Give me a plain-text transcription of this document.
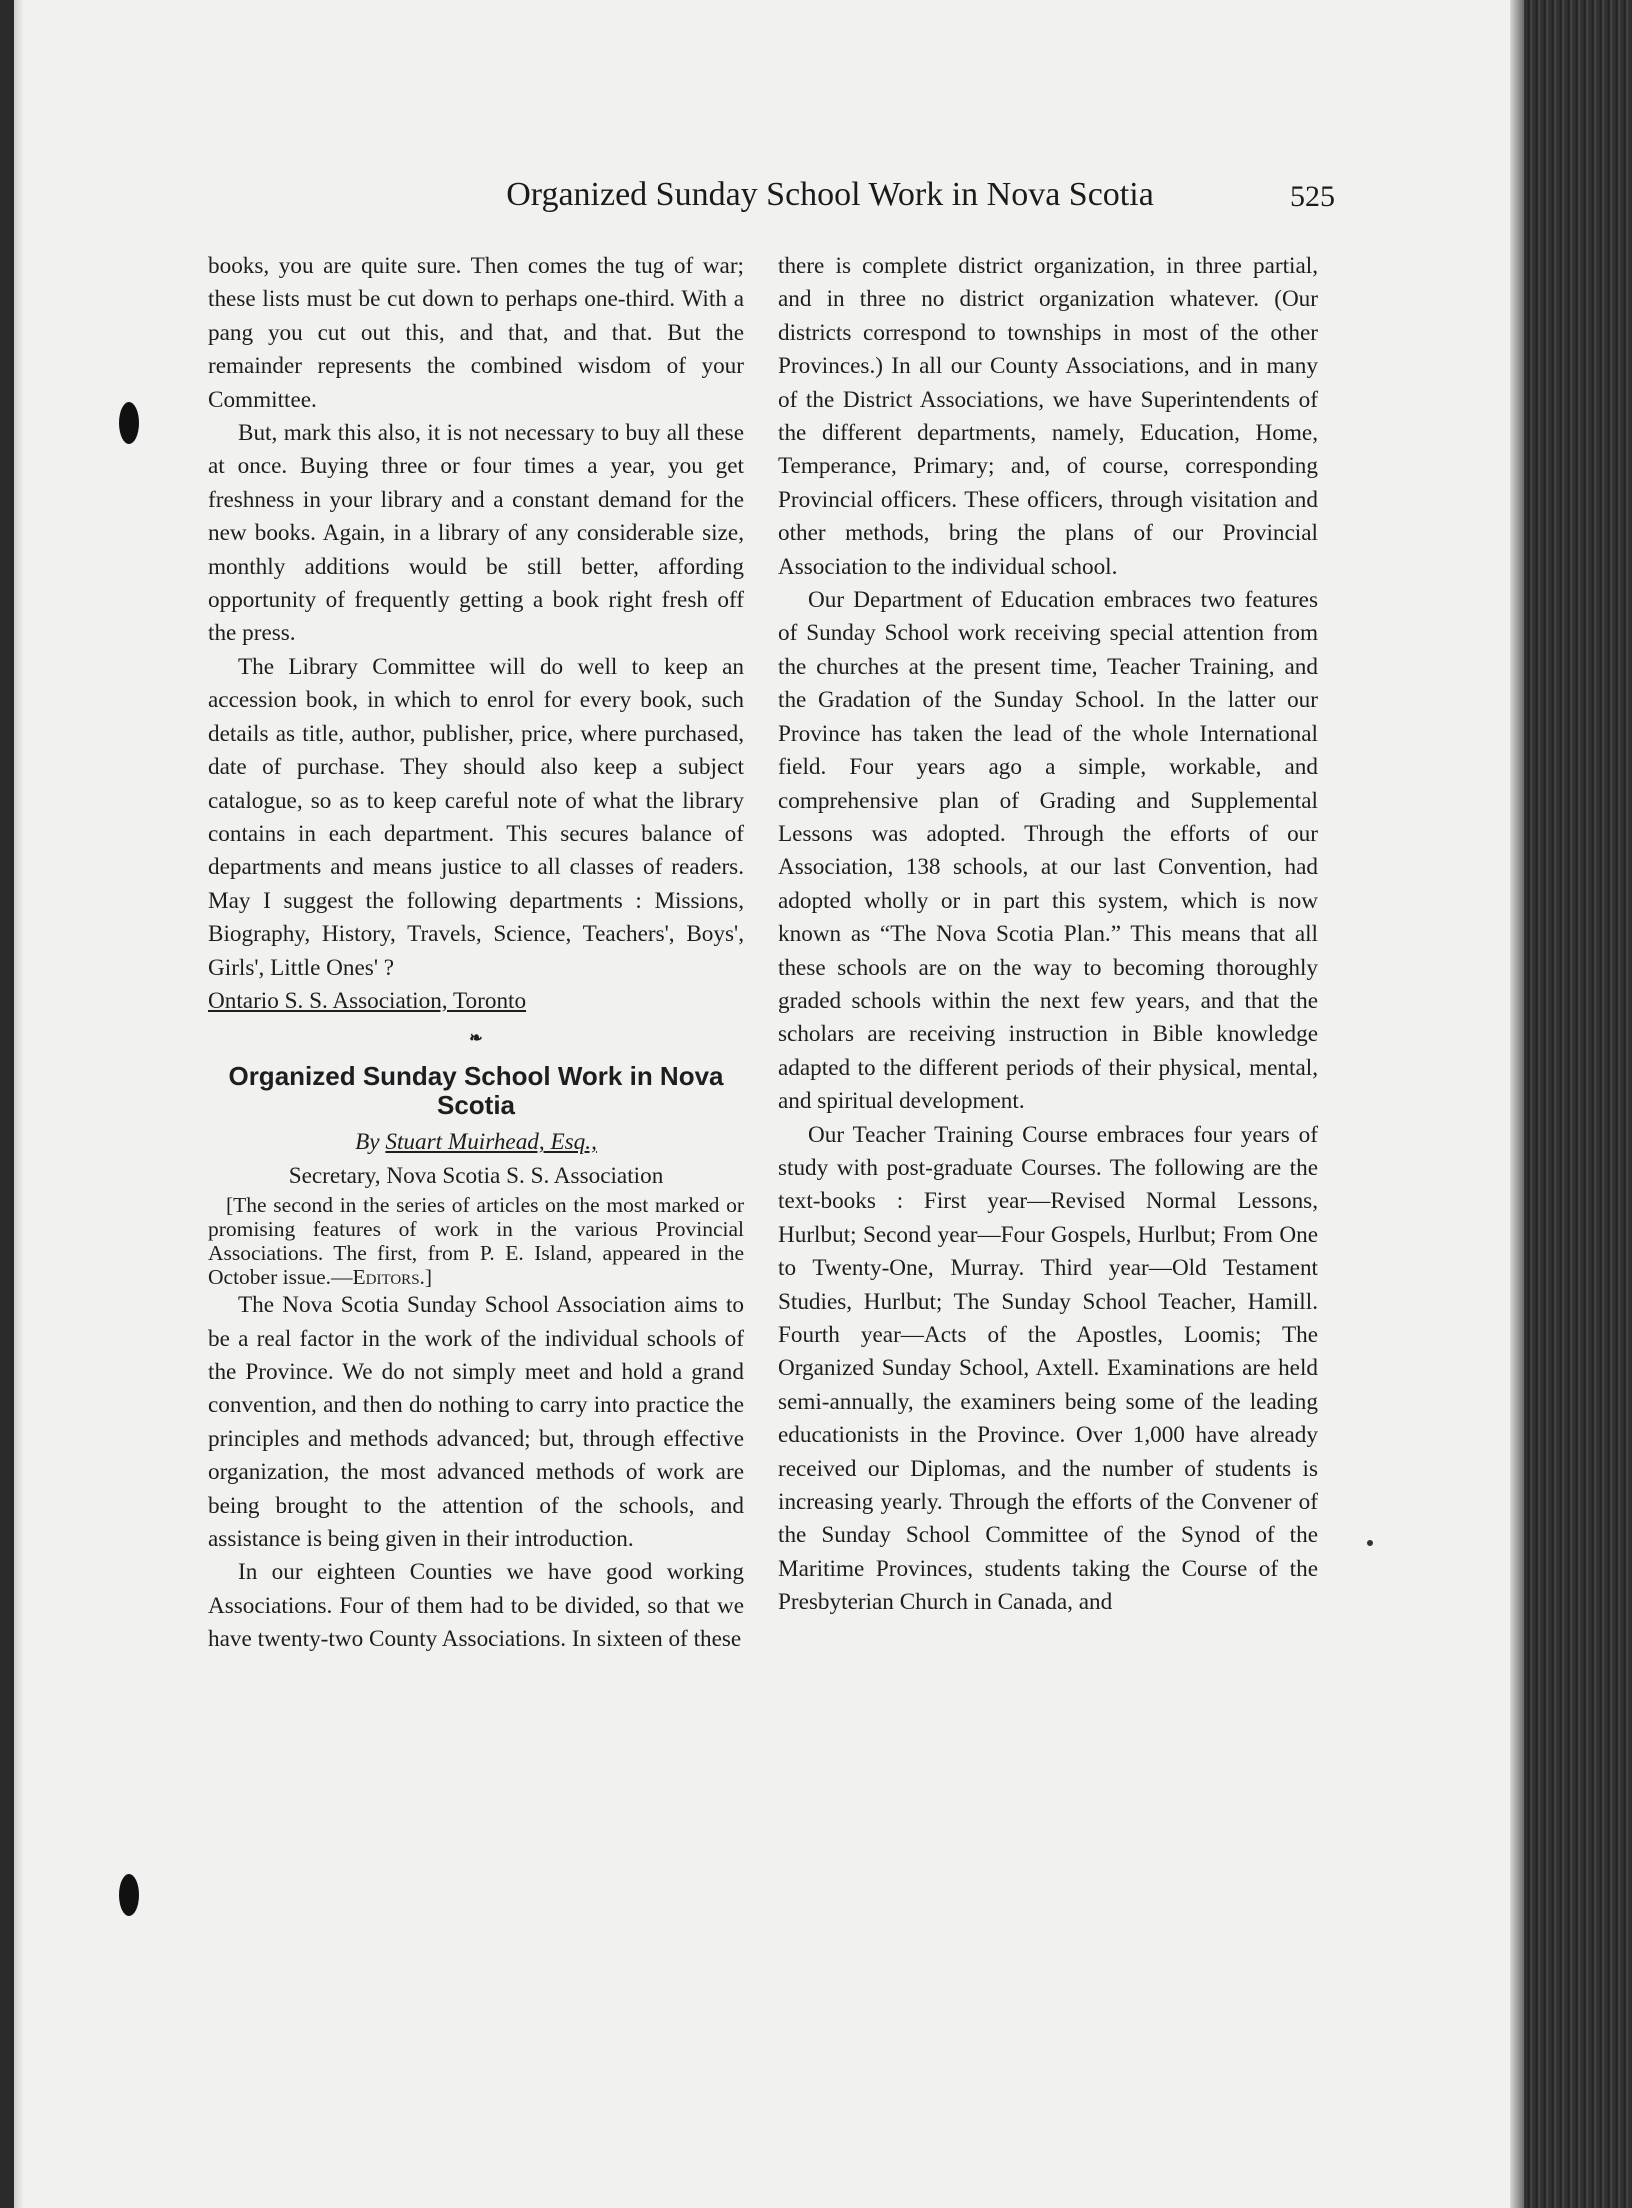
Organized Sunday School Work in Nova Scotia	525

books, you are quite sure. Then comes the tug of war; these lists must be cut down to perhaps one-third. With a pang you cut out this, and that, and that. But the remainder represents the combined wisdom of your Committee.

But, mark this also, it is not necessary to buy all these at once. Buying three or four times a year, you get freshness in your library and a constant demand for the new books. Again, in a library of any considerable size, monthly additions would be still better, affording opportunity of frequently getting a book right fresh off the press.

The Library Committee will do well to keep an accession book, in which to enrol for every book, such details as title, author, publisher, price, where purchased, date of purchase. They should also keep a subject catalogue, so as to keep careful note of what the library contains in each department. This secures balance of departments and means justice to all classes of readers. May I suggest the following departments : Missions, Biography, History, Travels, Science, Teachers', Boys', Girls', Little Ones' ?

Ontario S. S. Association, Toronto

❧
Organized Sunday School Work in Nova Scotia

By Stuart Muirhead, Esq.,

Secretary, Nova Scotia S. S. Association

[The second in the series of articles on the most marked or promising features of work in the various Provincial Associations. The first, from P. E. Island, appeared in the October issue.—Editors.]

The Nova Scotia Sunday School Association aims to be a real factor in the work of the individual schools of the Province. We do not simply meet and hold a grand convention, and then do nothing to carry into practice the principles and methods advanced; but, through effective organization, the most advanced methods of work are being brought to the attention of the schools, and assistance is being given in their introduction.

In our eighteen Counties we have good working Associations. Four of them had to be divided, so that we have twenty-two County Associations. In sixteen of these

there is complete district organization, in three partial, and in three no district organization whatever. (Our districts correspond to townships in most of the other Provinces.) In all our County Associations, and in many of the District Associations, we have Superintendents of the different departments, namely, Education, Home, Temperance, Primary; and, of course, corresponding Provincial officers. These officers, through visitation and other methods, bring the plans of our Provincial Association to the individual school.

Our Department of Education embraces two features of Sunday School work receiving special attention from the churches at the present time, Teacher Training, and the Gradation of the Sunday School. In the latter our Province has taken the lead of the whole International field. Four years ago a simple, workable, and comprehensive plan of Grading and Supplemental Lessons was adopted. Through the efforts of our Association, 138 schools, at our last Convention, had adopted wholly or in part this system, which is now known as “The Nova Scotia Plan.” This means that all these schools are on the way to becoming thoroughly graded schools within the next few years, and that the scholars are receiving instruction in Bible knowledge adapted to the different periods of their physical, mental, and spiritual development.

Our Teacher Training Course embraces four years of study with post-graduate Courses. The following are the text-books : First year—Revised Normal Lessons, Hurlbut; Second year—Four Gospels, Hurlbut; From One to Twenty-One, Murray. Third year—Old Testament Studies, Hurlbut; The Sunday School Teacher, Hamill. Fourth year—Acts of the Apostles, Loomis; The Organized Sunday School, Axtell. Examinations are held semi-annually, the examiners being some of the leading educationists in the Province. Over 1,000 have already received our Diplomas, and the number of students is increasing yearly. Through the efforts of the Convener of the Sunday School Committee of the Synod of the Maritime Provinces, students taking the Course of the Presbyterian Church in Canada, and
